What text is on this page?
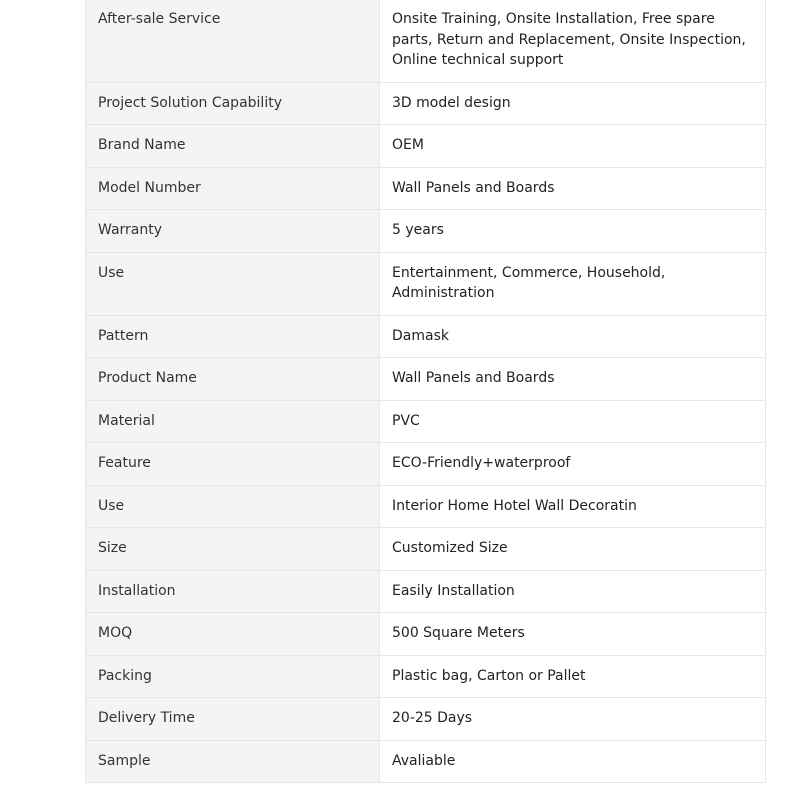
After-sale Service	Onsite Training, Onsite Installation, Free spare parts, Return and Replacement, Onsite Inspection, Online technical support
Project Solution Capability	3D model design
Brand Name	OEM
Model Number	Wall Panels and Boards
Warranty	5 years
Use	Entertainment, Commerce, Household, Administration
Pattern	Damask
Product Name	Wall Panels and Boards
Material	PVC
Feature	ECO-Friendly+waterproof
Use	Interior Home Hotel Wall Decoratin
Size	Customized Size
Installation	Easily Installation
MOQ	500 Square Meters
Packing	Plastic bag, Carton or Pallet
Delivery Time	20-25 Days
Sample	Avaliable
